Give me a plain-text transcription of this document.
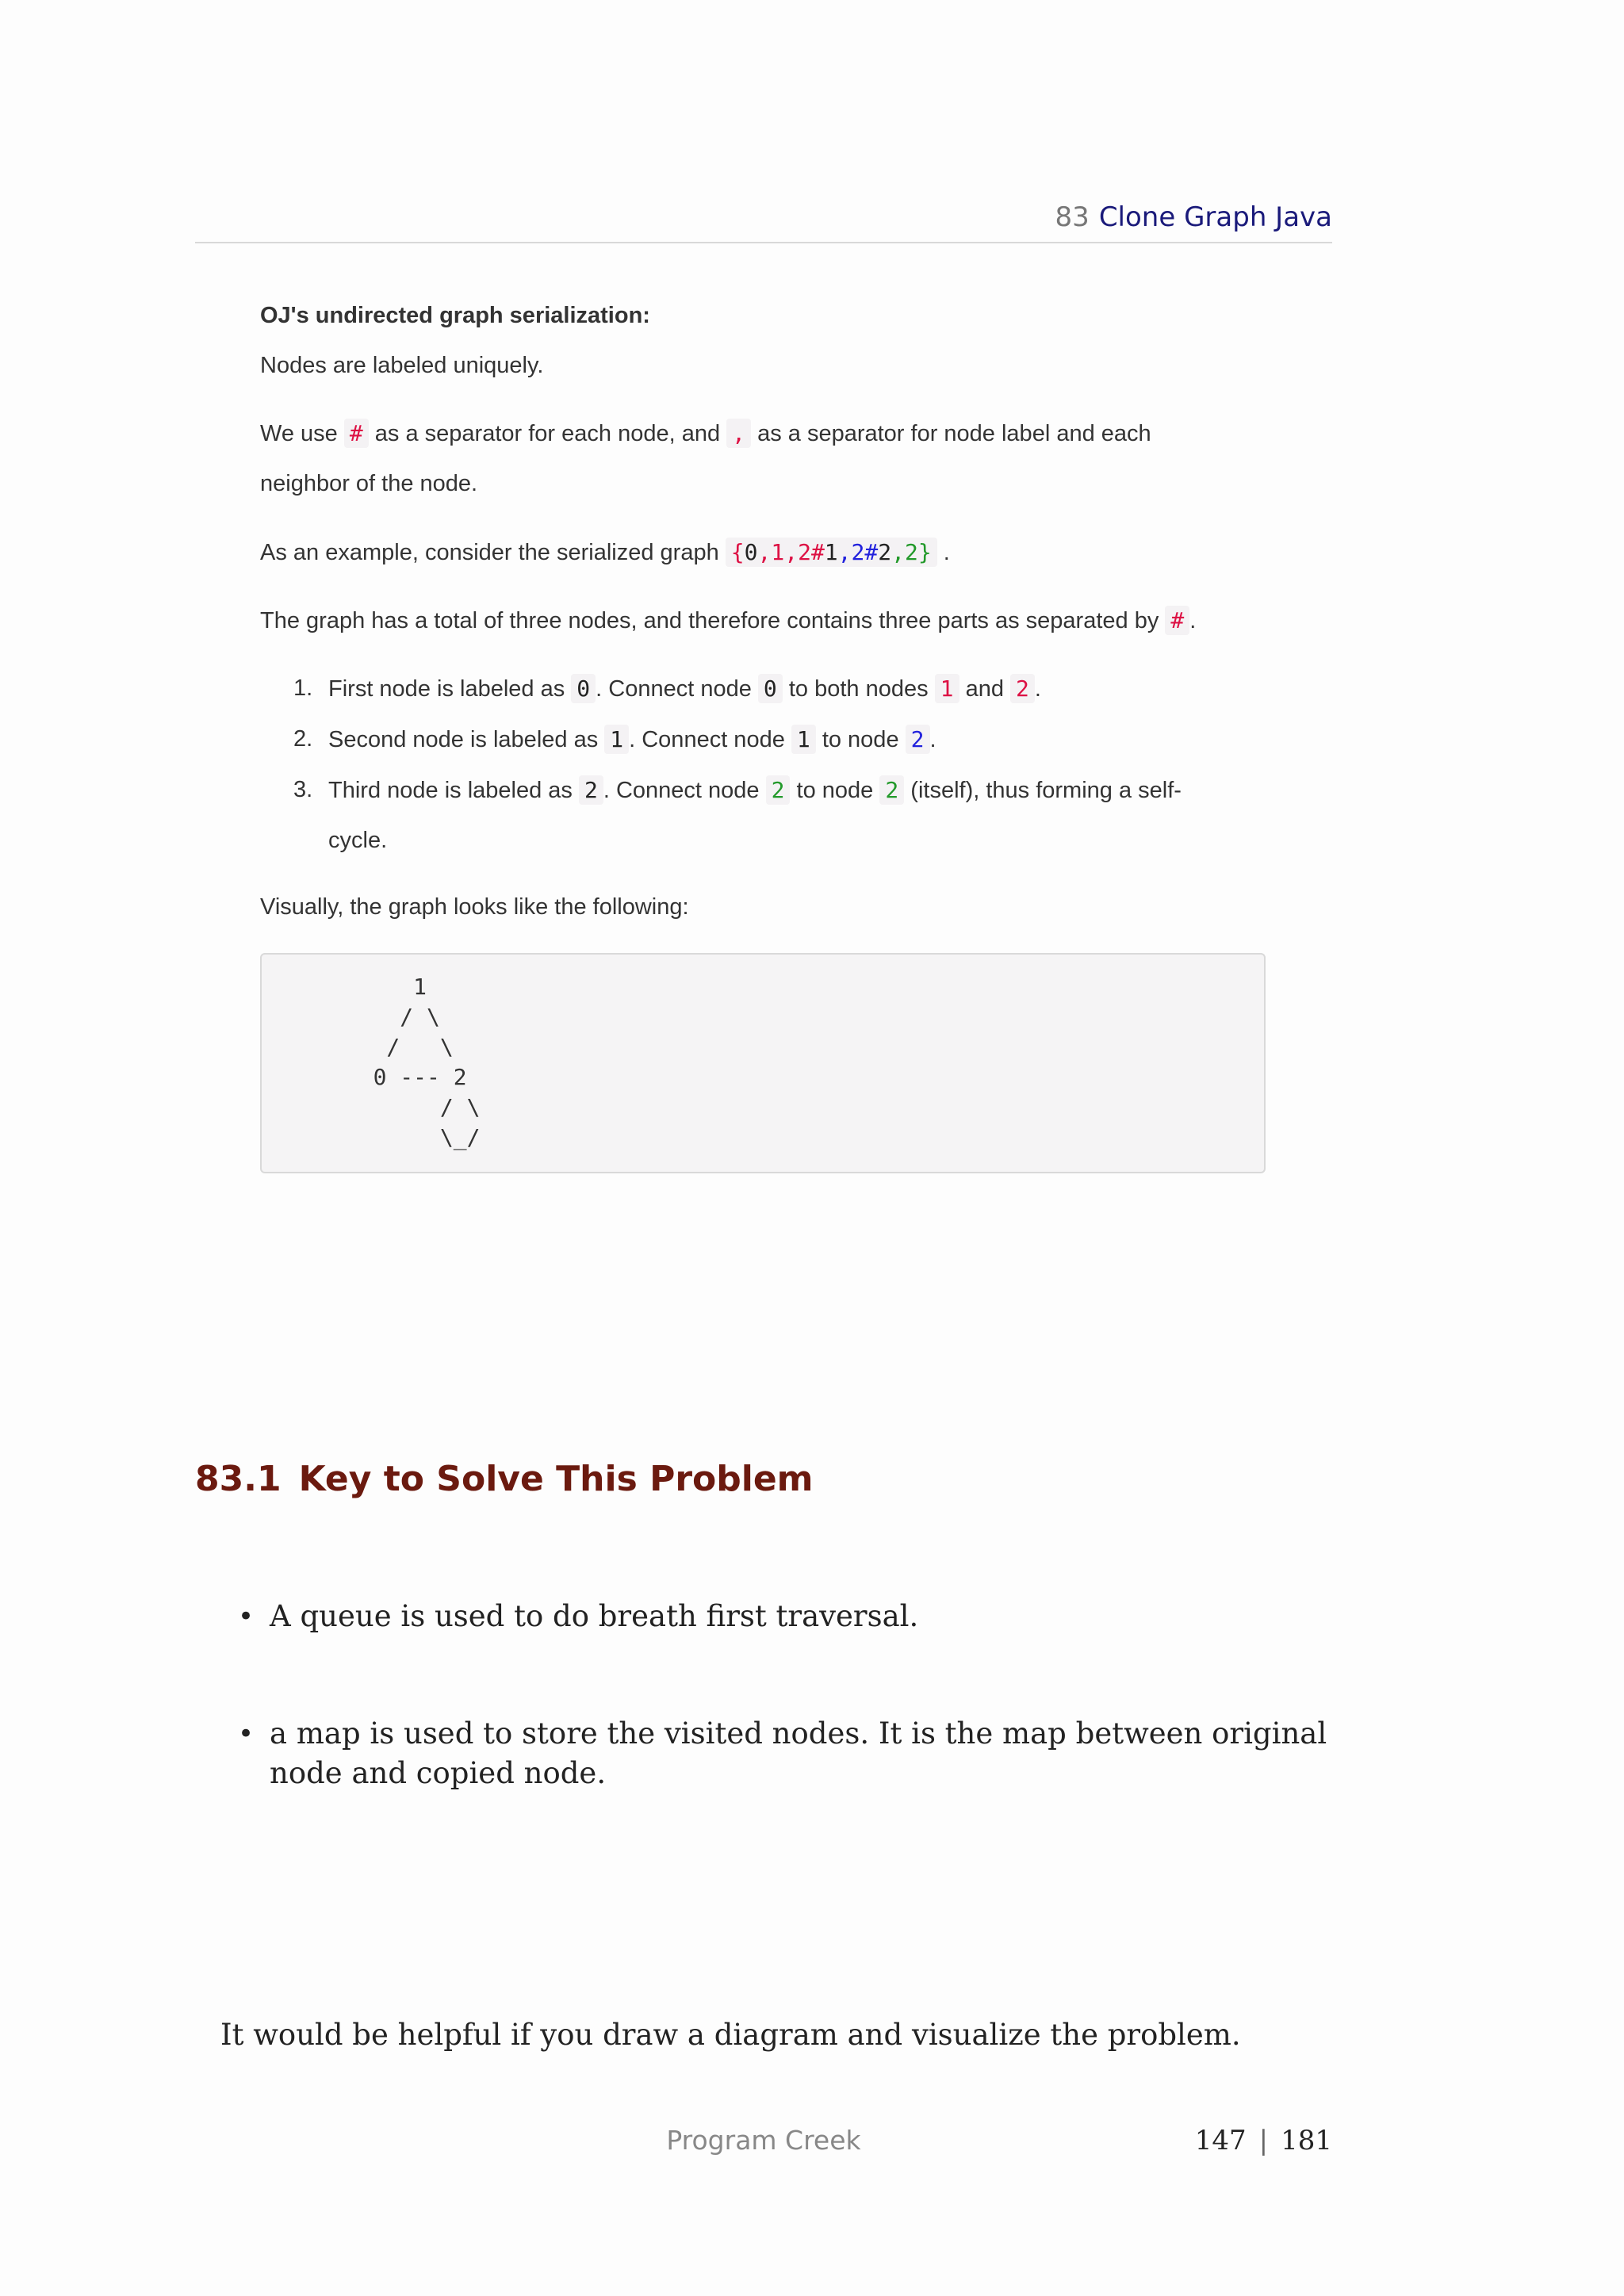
83 Clone Graph Java

OJ's undirected graph serialization:

Nodes are labeled uniquely.

We use # as a separator for each node, and , as a separator for node label and each

neighbor of the node.

As an example, consider the serialized graph {0,1,2#1,2#2,2} .

The graph has a total of three nodes, and therefore contains three parts as separated by # .

1. First node is labeled as 0 . Connect node 0 to both nodes 1 and 2 .
2. Second node is labeled as 1 . Connect node 1 to node 2 .
3. Third node is labeled as 2 . Connect node 2 to node 2 (itself), thus forming a self-
cycle.

Visually, the graph looks like the following:

1
/ \
/   \
0 --- 2
/ \
\_/
83.1 Key to Solve This Problem
• A queue is used to do breath first traversal.
• a map is used to store the visited nodes. It is the map between original node and copied node.

It would be helpful if you draw a diagram and visualize the problem.

Program Creek	147 | 181
